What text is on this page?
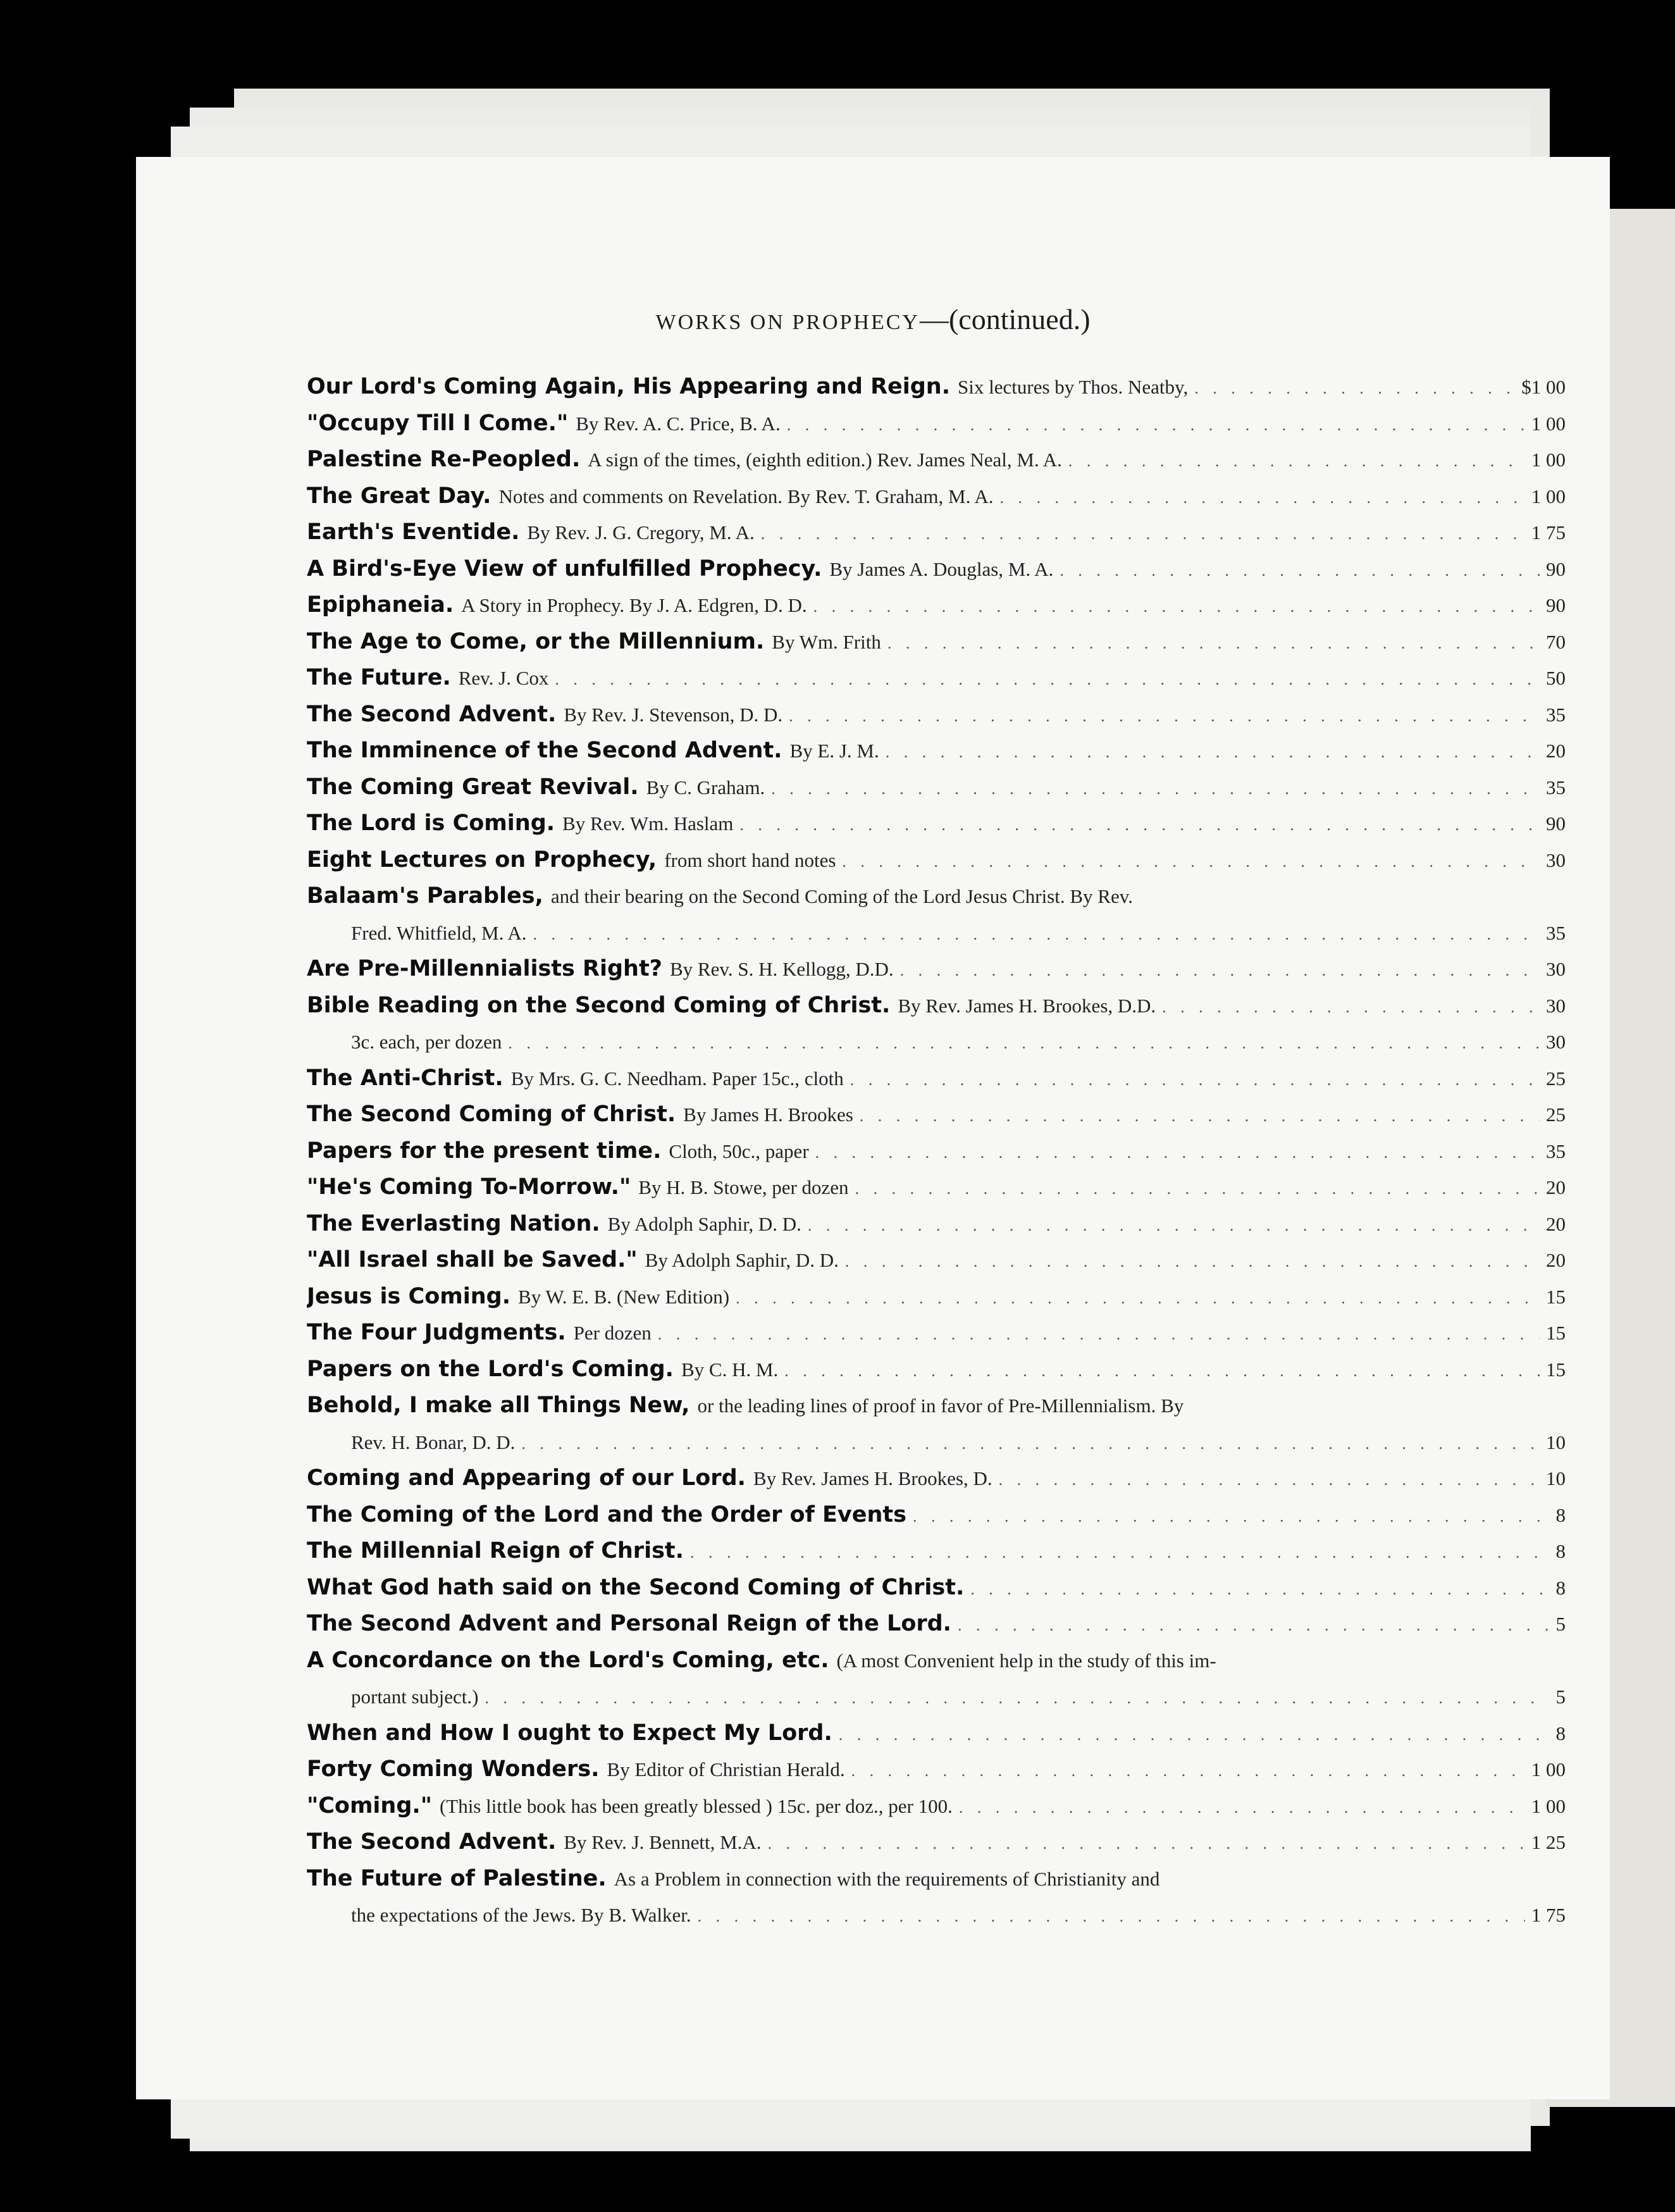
WORKS ON PROPHECY—(continued.)
Our Lord's Coming Again, His Appearing and Reign. Six lectures by Thos. Neatby, . . .	$1 00
"Occupy Till I Come." By Rev. A. C. Price, B. A. . . .	1 00
Palestine Re-Peopled. A sign of the times, (eighth edition.) Rev. James Neal, M. A. . . .	1 00
The Great Day. Notes and comments on Revelation. By Rev. T. Graham, M. A. . . .	1 00
Earth's Eventide. By Rev. J. G. Cregory, M. A. . . .	1 75
A Bird's-Eye View of unfulfilled Prophecy. By James A. Douglas, M. A. . . .	90
Epiphaneia. A Story in Prophecy. By J. A. Edgren, D. D. . . .	90
The Age to Come, or the Millennium. By Wm. Frith . . .	70
The Future. Rev. J. Cox . . .	50
The Second Advent. By Rev. J. Stevenson, D. D. . . .	35
The Imminence of the Second Advent. By E. J. M. . . .	20
The Coming Great Revival. By C. Graham. . . .	35
The Lord is Coming. By Rev. Wm. Haslam . . .	90
Eight Lectures on Prophecy, from short hand notes . . .	30
Balaam's Parables, and their bearing on the Second Coming of the Lord Jesus Christ. By Rev.
Fred. Whitfield, M. A. . . .	35
Are Pre-Millennialists Right? By Rev. S. H. Kellogg, D.D. . . .	30
Bible Reading on the Second Coming of Christ. By Rev. James H. Brookes, D.D. . . .	30
3c. each, per dozen . . .	30
The Anti-Christ. By Mrs. G. C. Needham. Paper 15c., cloth . . .	25
The Second Coming of Christ. By James H. Brookes . . .	25
Papers for the present time. Cloth, 50c., paper . . .	35
"He's Coming To-Morrow." By H. B. Stowe, per dozen . . .	20
The Everlasting Nation. By Adolph Saphir, D. D. . . .	20
"All Israel shall be Saved." By Adolph Saphir, D. D. . . .	20
Jesus is Coming. By W. E. B. (New Edition) . . .	15
The Four Judgments. Per dozen . . .	15
Papers on the Lord's Coming. By C. H. M. . . .	15
Behold, I make all Things New, or the leading lines of proof in favor of Pre-Millennialism. By
Rev. H. Bonar, D. D. . . .	10
Coming and Appearing of our Lord. By Rev. James H. Brookes, D. . . .	10
The Coming of the Lord and the Order of Events . . .	8
The Millennial Reign of Christ. . . .	8
What God hath said on the Second Coming of Christ. . . .	8
The Second Advent and Personal Reign of the Lord. . . .	5
A Concordance on the Lord's Coming, etc. (A most Convenient help in the study of this im-
portant subject.) . . .	5
When and How I ought to Expect My Lord. . . .	8
Forty Coming Wonders. By Editor of Christian Herald. . . .	1 00
"Coming." (This little book has been greatly blessed ) 15c. per doz., per 100. . . .	1 00
The Second Advent. By Rev. J. Bennett, M.A. . . .	1 25
The Future of Palestine. As a Problem in connection with the requirements of Christianity and
the expectations of the Jews. By B. Walker. . . .	1 75
